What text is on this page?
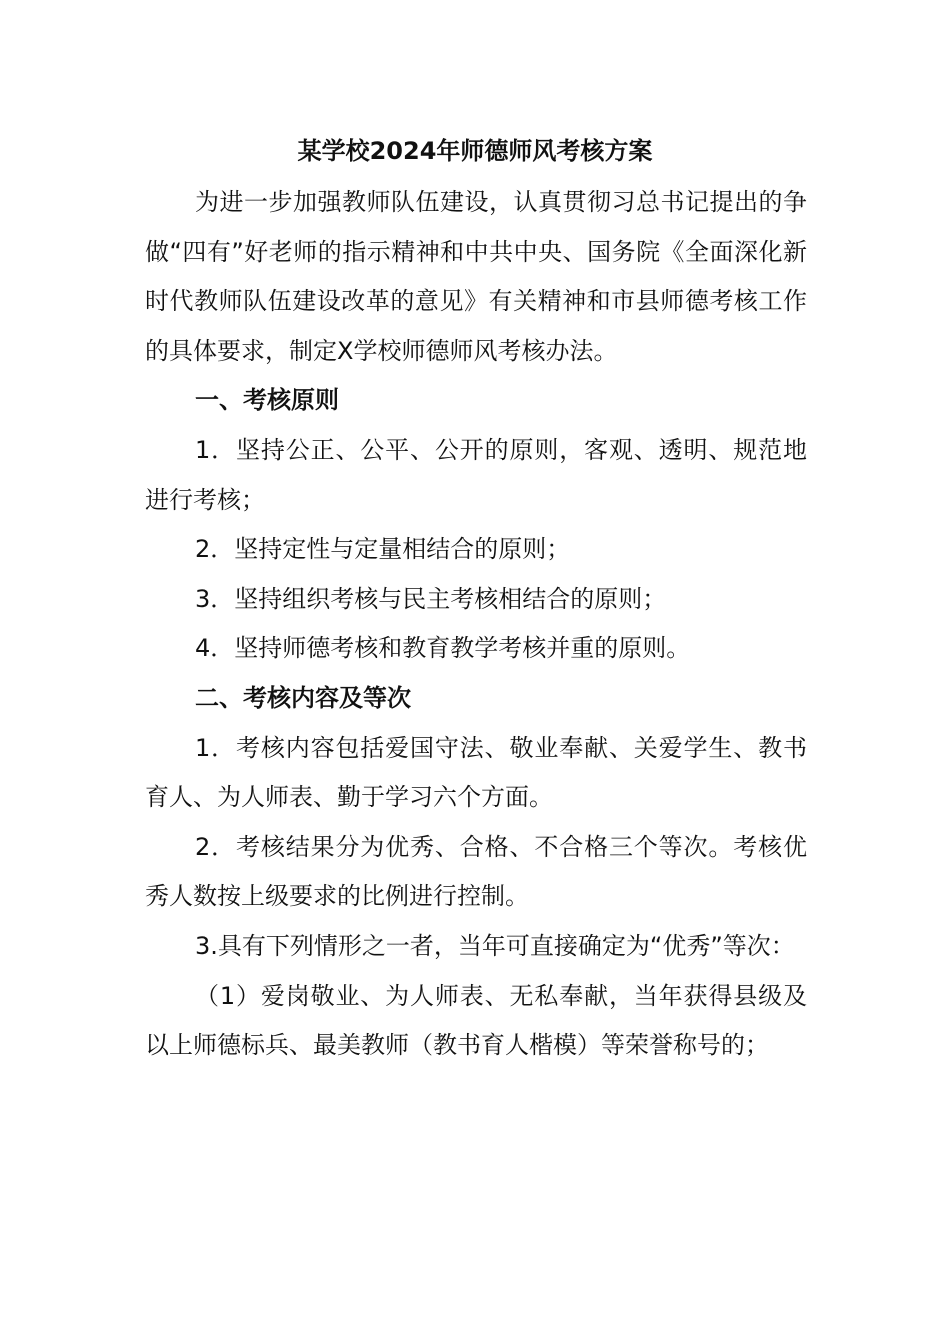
某学校2024年师德师风考核方案

为进一步加强教师队伍建设，认真贯彻习总书记提出的争做“四有”好老师的指示精神和中共中央、国务院《全面深化新时代教师队伍建设改革的意见》有关精神和市县师德考核工作的具体要求，制定X学校师德师风考核办法。

一、考核原则

1．坚持公正、公平、公开的原则，客观、透明、规范地进行考核；

2．坚持定性与定量相结合的原则；

3．坚持组织考核与民主考核相结合的原则；

4．坚持师德考核和教育教学考核并重的原则。

二、考核内容及等次

1．考核内容包括爱国守法、敬业奉献、关爱学生、教书育人、为人师表、勤于学习六个方面。

2．考核结果分为优秀、合格、不合格三个等次。考核优秀人数按上级要求的比例进行控制。

3.具有下列情形之一者，当年可直接确定为“优秀”等次：

（1）爱岗敬业、为人师表、无私奉献，当年获得县级及以上师德标兵、最美教师（教书育人楷模）等荣誉称号的；
